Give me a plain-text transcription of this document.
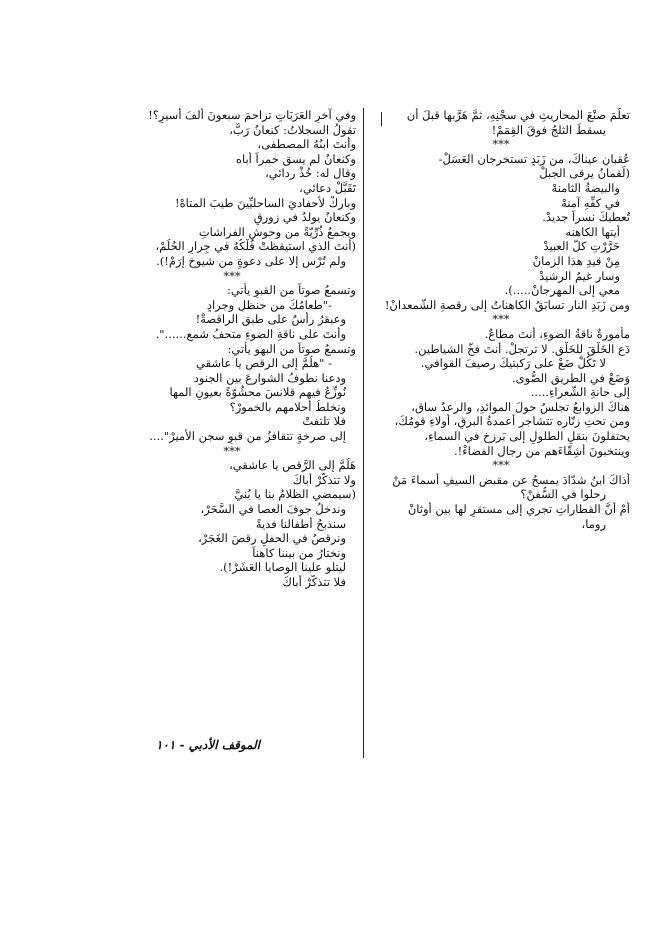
تعلّمَ صنْعَ المحاريثِ في سجْنِهِ، ثمَّ هَرَّبها قبلَ أن
يسقطَ الثلجُ فوقَ القِمَمْ!
***
عُقبانٍ عيناكَ، من زَبَدٍ تستخرجان العَسَلْ-
(لُقمانُ يرقى الجبلْ
والبيضةُ الثامنهْ
في كفِّهِ آمنهْ
تُعطيكَ نسراً جديدْ.
أيتها الكاهنه
حَرَّرْتِ كلَّ العبيدْ
مِنْ قيدِ هذا الزمانْ
وسار غيمُ الرشيدْ
معي إلى المهرجانْ.....).
ومن زَبَدِ النارِ تسابَقُ الكاهناتُ إلى رقصةِ الشّمعدانْ!
***
مأمورةٌ ناقةُ الضوءِ، أنتَ مطاعٌ.
دَعِ الخَلْقَ للخَلْقِ. لا ترتجلْ. أنتَ فخُّ الشياطينِ.
لا تَكُلْ ضَعْ على رَكبتيكَ رصيفَ القوافي.
وَضَعْ في الطريقِ الصُّوى.
إلى حانةِ الشّعراءِ.....
هناكَ الزوابعُ تجلسُ حولَ الموائدِ، والرعدُ ساقٍ،
ومن تحتِ زنّاره تتشاجر أعمدةُ البرقِ، أولاءِ قومُكَ،
يحتفلونَ بنقلِ الطلولِ إلى بَرزخٍ في السماءِ،
وينتخبونَ أشِقّاءَهم من رجالِ الفضاءْ!.
***
أذاكَ ابنُ شدّادَ يمسحُ عن مقبضِ السيفِ أسماءَ مَنْ
رحلوا في السُّفنْ؟
أمْ أنَّ القطاراتِ تجري إلى مستقرٍ لها بين أوثانْ
روما،
وفي آخرِ العَرَبَاتِ تزاحمَ سبعونَ ألفَ أسيرٍ؟!
تقولُ السجلاتُ: كنعانُ رَبٌّ،
وأنتَ ابنُهُ المصطفى،
وكنعانُ لم يسقِ خمراً أباه
وقال له: خُذْ ردائي،
تَقَبَّلْ دعائي،
وباركْ لأحفاديَ الساحليِّينَ طيبَ المتاهْ!
وكنعانُ يولدُ في زورقٍ
ويجمعُ ذُرِّيّةً من وحوشِ الفراشاتِ
(أنتَ الذي استيقظتْ فُلْكُهُ في جِرارِ الحُلُمْ،
ولم تُرْسِ إلا على دعوةٍ من شيوخِ إرَمْ!).
***
وتسمعُ صوتاً من القبوِ يأتي:
-"طعامُكَ من حنظلٍ وجرادٍ
وعبقرُ رأسٌ على طبقِ الراقصةْ!
وأنتَ على ناقةِ الضوءِ متحفُ شمعٍ......".
وتسمعُ صوتاً من البهوِ يأتي:
- "هلُمَّ إلى الرقصِ يا عاشقي
ودعنا نطوفُ الشوارعَ بين الجنود
نُوزِّعُ فيهم قلانسَ محشُوّةً بعيونِ المها
ونخلطُ أحلامهم بالخمورْ؟
فلا تلتفتْ
إلى صرخةٍ تتقافزُ من قبوِ سجنِ الأميرْ"....
***
هَلُمَّ إلى الرَّقصِ يا عاشقي،
ولا تتذكّرْ أباكَ
(سيمضي الظلامُ بنا يا بُنيَّ
وندخلُ جوفَ العصا في السَّحَرْ،
سنذبحُ أطفالنا فديةً
ونرقصُ في الحفلِ رقصَ الغَجَرْ،
ونختارُ من بيننا كاهناً
ليتلو علينا الوصايا العَشَرْ!).
فلا تتذكّرْ أباكَ
الموقف الأدبي - ١٠١
